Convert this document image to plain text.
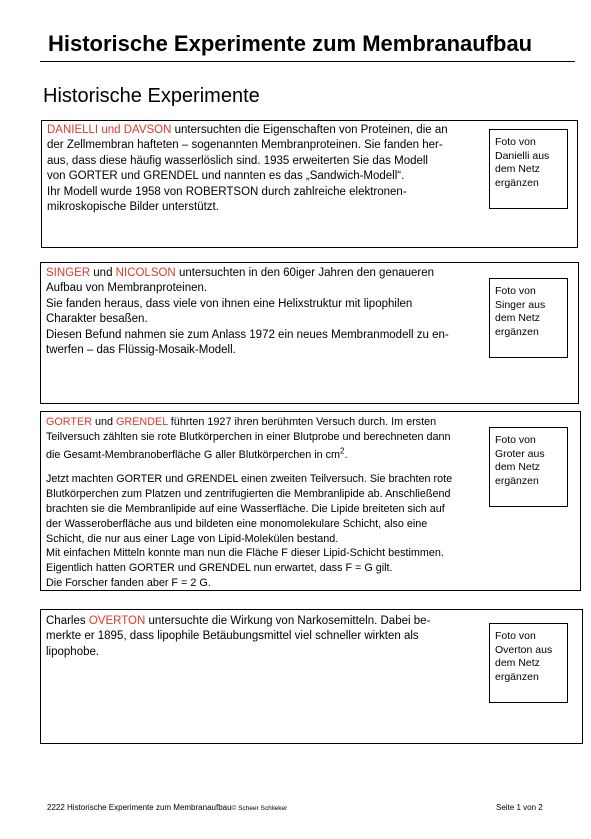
Historische Experimente zum Membranaufbau
Historische Experimente
DANIELLI und DAVSON untersuchten die Eigenschaften von Proteinen, die an
der Zellmembran hafteten – sogenannten Membranproteinen. Sie fanden her-
aus, dass diese häufig wasserlöslich sind. 1935 erweiterten Sie das Modell
von GORTER und GRENDEL und nannten es das „Sandwich-Modell“.
Ihr Modell wurde 1958 von ROBERTSON durch zahlreiche elektronen-
mikroskopische Bilder unterstützt.
Foto von
Danielli aus
dem Netz
ergänzen
SINGER und NICOLSON untersuchten in den 60iger Jahren den genaueren
Aufbau von Membranproteinen.
Sie fanden heraus, dass viele von ihnen eine Helixstruktur mit lipophilen
Charakter besaßen.
Diesen Befund nahmen sie zum Anlass 1972 ein neues Membranmodell zu en-
twerfen – das Flüssig-Mosaik-Modell.
Foto von
Singer aus
dem Netz
ergänzen
GORTER und GRENDEL führten 1927 ihren berühmten Versuch durch. Im ersten
Teilversuch zählten sie rote Blutkörperchen in einer Blutprobe und berechneten dann
die Gesamt-Membranoberfläche G aller Blutkörperchen in $cm^2$.
Jetzt machten GORTER und GRENDEL einen zweiten Teilversuch. Sie brachten rote
Blutkörperchen zum Platzen und zentrifugierten die Membranlipide ab. Anschließend
brachten sie die Membranlipide auf eine Wasserfläche. Die Lipide breiteten sich auf
der Wasseroberfläche aus und bildeten eine monomolekulare Schicht, also eine
Schicht, die nur aus einer Lage von Lipid-Molekülen bestand.
Mit einfachen Mitteln konnte man nun die Fläche F dieser Lipid-Schicht bestimmen.
Eigentlich hatten GORTER und GRENDEL nun erwartet, dass F = G gilt.
Die Forscher fanden aber F = 2 G.
Foto von
Groter aus
dem Netz
ergänzen
Charles OVERTON untersuchte die Wirkung von Narkosemitteln. Dabei be-
merkte er 1895, dass lipophile Betäubungsmittel viel schneller wirkten als
lipophobe.
Foto von
Overton aus
dem Netz
ergänzen
2222 Historische Experimente zum Membranaufbau© Scheer Schlieker	Seite 1 von 2
